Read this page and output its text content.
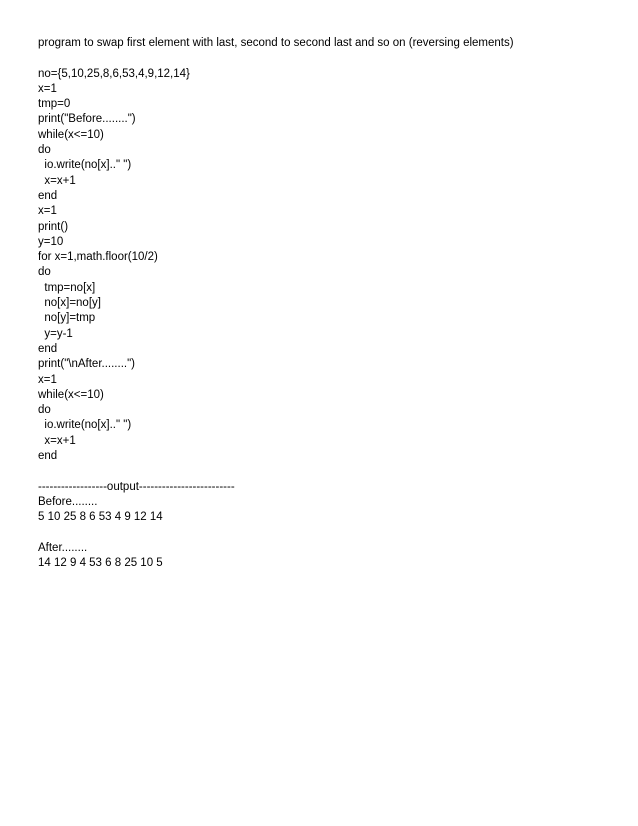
program to swap first element with last, second to second last and so on (reversing elements)
no={5,10,25,8,6,53,4,9,12,14}
x=1
tmp=0
print("Before........")
while(x<=10)
do
io.write(no[x].." ")
x=x+1
end
x=1
print()
y=10
for x=1,math.floor(10/2)
do
tmp=no[x]
no[x]=no[y]
no[y]=tmp
y=y-1
end
print("\nAfter........")
x=1
while(x<=10)
do
io.write(no[x].." ")
x=x+1
end
------------------output-------------------------
Before........
5 10 25 8 6 53 4 9 12 14
After........
14 12 9 4 53 6 8 25 10 5
